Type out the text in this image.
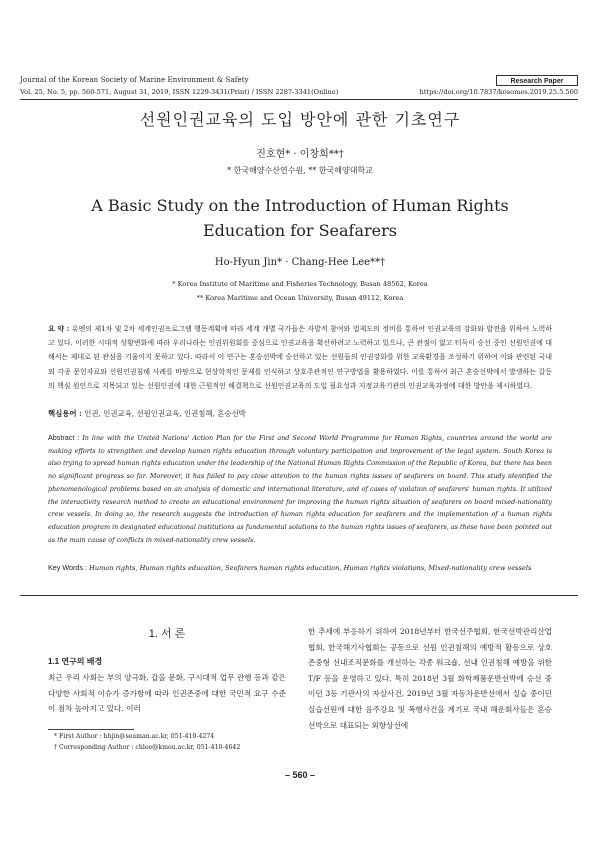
Journal of the Korean Society of Marine Environment & Safety	Research Paper
Vol. 25, No. 5, pp. 560-571, August 31, 2019, ISSN 1229-3431(Print) / ISSN 2287-3341(Online)	https://doi.org/10.7837/kosomes.2019.25.5.560
선원인권교육의 도입 방안에 관한 기초연구
진호현* · 이창희**†
* 한국해양수산연수원, ** 한국해양대학교
A Basic Study on the Introduction of Human Rights Education for Seafarers
Ho-Hyun Jin* · Chang-Hee Lee**†
* Korea Institute of Maritime and Fisheries Technology, Busan 48562, Korea
** Korea Maritime and Ocean University, Busan 49112, Korea
요 약 : 유엔의 제1차 및 2차 세계인권프로그램 행동계획에 따라 세계 개별 국가들은 자발적 참여와 법제도의 정비를 통하여 인권교육의 강화와 발전을 위하여 노력하고 있다. 이러한 시대적 상황변화에 따라 우리나라는 인권위원회를 중심으로 인권교육을 확산하려고 노력하고 있으나, 큰 관점이 없고 터득이 승선 중인 선원인권에 대해서는 제대로 된 관심을 기울이지 못하고 있다. 따라서 이 연구는 혼승선박에 승선하고 있는 선원들의 인권강화를 위한 교육환경을 조성하기 위하여 이와 관련된 국내외 각종 문헌자료와 선원인권침해 사례를 바탕으로 현상학적인 문제를 인식하고 상호주관적인 연구방법을 활용하였다. 이를 통하여 최근 혼승선박에서 발생하는 갈등의 핵심 원인으로 지목되고 있는 선원인권에 대한 근원적인 해결책으로 선원인권교육의 도입 필요성과 지정교육기관의 인권교육과정에 대한 방안을 제시하였다.
핵심용어 : 인권, 인권교육, 선원인권교육, 인권침해, 혼승선박
Abstract : In line with the United Nations' Action Plan for the First and Second World Programme for Human Rights, countries around the world are making efforts to strengthen and develop human rights education through voluntary participation and improvement of the legal system. South Korea is also trying to spread human rights education under the leadership of the National Human Rights Commission of the Republic of Korea, but there has been no significant progress so far. Moreover, it has failed to pay close attention to the human rights issues of seafarers on board. This study identified the phenomenological problems based on an analysis of domestic and international literature, and of cases of violation of seafarers' human rights. It utilized the interactivity research method to create an educational environment for improving the human rights situation of seafarers on board mixed-nationality crew vessels. In doing so, the research suggests the introduction of human rights education for seafarers and the implementation of a human rights education program in designated educational institutions as fundamental solutions to the human rights issues of seafarers, as these have been pointed out as the main cause of conflicts in mixed-nationality crew vessels.
Key Words : Human rights, Human rights education, Seafarers human rights education, Human rights violations, Mixed-nationality crew vessels
1. 서 론
1.1 연구의 배경
최근 우리 사회는 부의 양극화, 갑을 문화, 구시대적 업무 관행 등과 같은 다양한 사회적 이슈가 증가함에 따라 인권존중에 대한 국민적 요구 수준이 점차 높아지고 있다. 이러
한 추세에 부응하기 위하여 2018년부터 한국선주협회, 한국선박관리산업협회, 한국해기사협회는 공동으로 선원 인권침해의 예방적 활동으로 상호존중형 선내조직문화를 개선하는 각종 워크숍, 선내 인권침해 예방을 위한 T/F 등을 운영하고 있다. 특히 2018년 3월 화학제품운반선박에 승선 중이던 3등 기관사의 자살사건, 2019년 3월 자동차운반선에서 실습 중이던 실습선원에 대한 음주강요 및 폭행사건을 계기로 국내 해운회사들은 혼승선박으로 대표되는 외항상선에
* First Author : hhjin@seaman.ac.kr, 051-410-4274
† Corresponding Author : chlee@kmou.ac.kr, 051-410-4642
– 560 –
